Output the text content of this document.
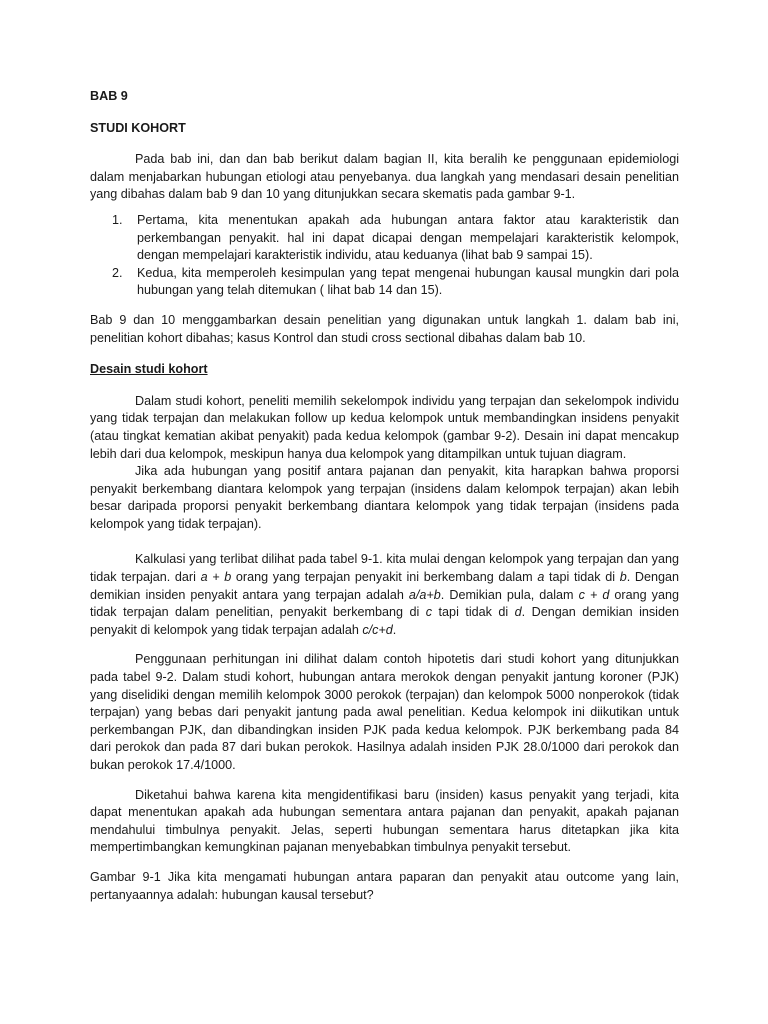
BAB 9

STUDI KOHORT

Pada bab ini, dan dan bab berikut dalam bagian II, kita beralih ke penggunaan epidemiologi dalam menjabarkan hubungan etiologi atau penyebanya. dua langkah yang mendasari desain penelitian yang dibahas dalam bab 9 dan 10 yang ditunjukkan secara skematis pada gambar 9-1.

1. Pertama, kita menentukan apakah ada hubungan antara faktor atau karakteristik dan perkembangan penyakit. hal ini dapat dicapai dengan mempelajari karakteristik kelompok, dengan mempelajari karakteristik individu, atau keduanya (lihat bab 9 sampai 15).
2. Kedua, kita memperoleh kesimpulan yang tepat mengenai hubungan kausal mungkin dari pola hubungan yang telah ditemukan ( lihat bab 14 dan 15).

Bab 9 dan 10 menggambarkan desain penelitian yang digunakan untuk langkah 1. dalam bab ini, penelitian kohort dibahas; kasus Kontrol dan studi cross sectional dibahas dalam bab 10.

Desain studi kohort

Dalam studi kohort, peneliti memilih sekelompok individu yang terpajan dan sekelompok individu yang tidak terpajan dan melakukan follow up kedua kelompok untuk membandingkan insidens penyakit (atau tingkat kematian akibat penyakit) pada kedua kelompok (gambar 9-2). Desain ini dapat mencakup lebih dari dua kelompok, meskipun hanya dua kelompok yang ditampilkan untuk tujuan diagram.

Jika ada hubungan yang positif antara pajanan dan penyakit, kita harapkan bahwa proporsi penyakit berkembang diantara kelompok yang terpajan (insidens dalam kelompok terpajan) akan lebih besar daripada proporsi penyakit berkembang diantara kelompok yang tidak terpajan (insidens pada kelompok yang tidak terpajan).

Kalkulasi yang terlibat dilihat pada tabel 9-1. kita mulai dengan kelompok yang terpajan dan yang tidak terpajan. dari a + b orang yang terpajan penyakit ini berkembang dalam a tapi tidak di b. Dengan demikian insiden penyakit antara yang terpajan adalah a/a+b. Demikian pula, dalam c + d orang yang tidak terpajan dalam penelitian, penyakit berkembang di c tapi tidak di d. Dengan demikian insiden penyakit di kelompok yang tidak terpajan adalah c/c+d.

Penggunaan perhitungan ini dilihat dalam contoh hipotetis dari studi kohort yang ditunjukkan pada tabel 9-2. Dalam studi kohort, hubungan antara merokok dengan penyakit jantung koroner (PJK) yang diselidiki dengan memilih kelompok 3000 perokok (terpajan) dan kelompok 5000 nonperokok (tidak terpajan) yang bebas dari penyakit jantung pada awal penelitian. Kedua kelompok ini diikutikan untuk perkembangan PJK, dan dibandingkan insiden PJK pada kedua kelompok. PJK berkembang pada 84 dari perokok dan pada 87 dari bukan perokok. Hasilnya adalah insiden PJK 28.0/1000 dari perokok dan bukan perokok 17.4/1000.

Diketahui bahwa karena kita mengidentifikasi baru (insiden) kasus penyakit yang terjadi, kita dapat menentukan apakah ada hubungan sementara antara pajanan dan penyakit, apakah pajanan mendahului timbulnya penyakit. Jelas, seperti hubungan sementara harus ditetapkan jika kita mempertimbangkan kemungkinan pajanan menyebabkan timbulnya penyakit tersebut.

Gambar 9-1 Jika kita mengamati hubungan antara paparan dan penyakit atau outcome yang lain, pertanyaannya adalah: hubungan kausal tersebut?
